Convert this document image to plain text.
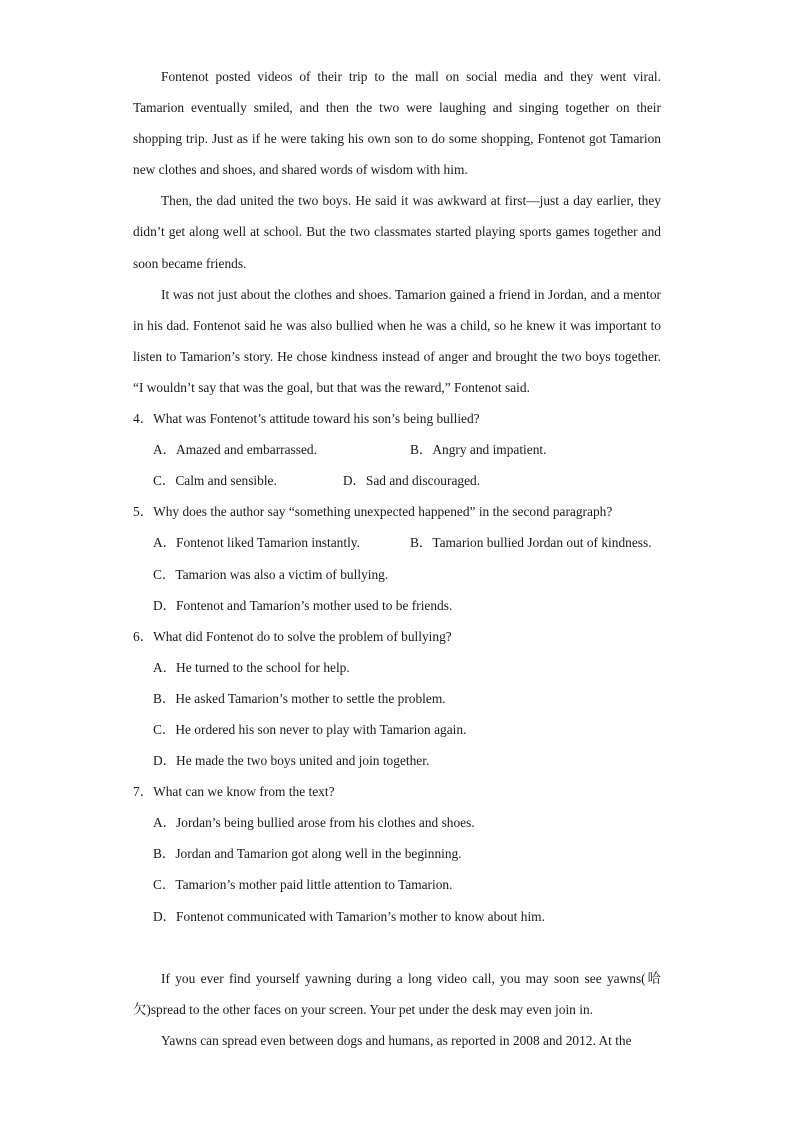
Fontenot posted videos of their trip to the mall on social media and they went viral. Tamarion eventually smiled, and then the two were laughing and singing together on their shopping trip. Just as if he were taking his own son to do some shopping, Fontenot got Tamarion new clothes and shoes, and shared words of wisdom with him.

Then, the dad united the two boys. He said it was awkward at first—just a day earlier, they didn’t get along well at school. But the two classmates started playing sports games together and soon became friends.

It was not just about the clothes and shoes. Tamarion gained a friend in Jordan, and a mentor in his dad. Fontenot said he was also bullied when he was a child, so he knew it was important to listen to Tamarion’s story. He chose kindness instead of anger and brought the two boys together. “I wouldn’t say that was the goal, but that was the reward,” Fontenot said.

4．What was Fontenot’s attitude toward his son’s being bullied?

A．Amazed and embarrassed.	B．Angry and impatient.

C．Calm and sensible.	D．Sad and discouraged.

5．Why does the author say “something unexpected happened” in the second paragraph?

A．Fontenot liked Tamarion instantly.	B．Tamarion bullied Jordan out of kindness.
C．Tamarion was also a victim of bullying.

D．Fontenot and Tamarion’s mother used to be friends.

6．What did Fontenot do to solve the problem of bullying?

A．He turned to the school for help.

B．He asked Tamarion’s mother to settle the problem.

C．He ordered his son never to play with Tamarion again.

D．He made the two boys united and join together.

7．What can we know from the text?

A．Jordan’s being bullied arose from his clothes and shoes.

B．Jordan and Tamarion got along well in the beginning.

C．Tamarion’s mother paid little attention to Tamarion.

D．Fontenot communicated with Tamarion’s mother to know about him.

If you ever find yourself yawning during a long video call, you may soon see yawns(哈欠)spread to the other faces on your screen. Your pet under the desk may even join in.

Yawns can spread even between dogs and humans, as reported in 2008 and 2012. At the
